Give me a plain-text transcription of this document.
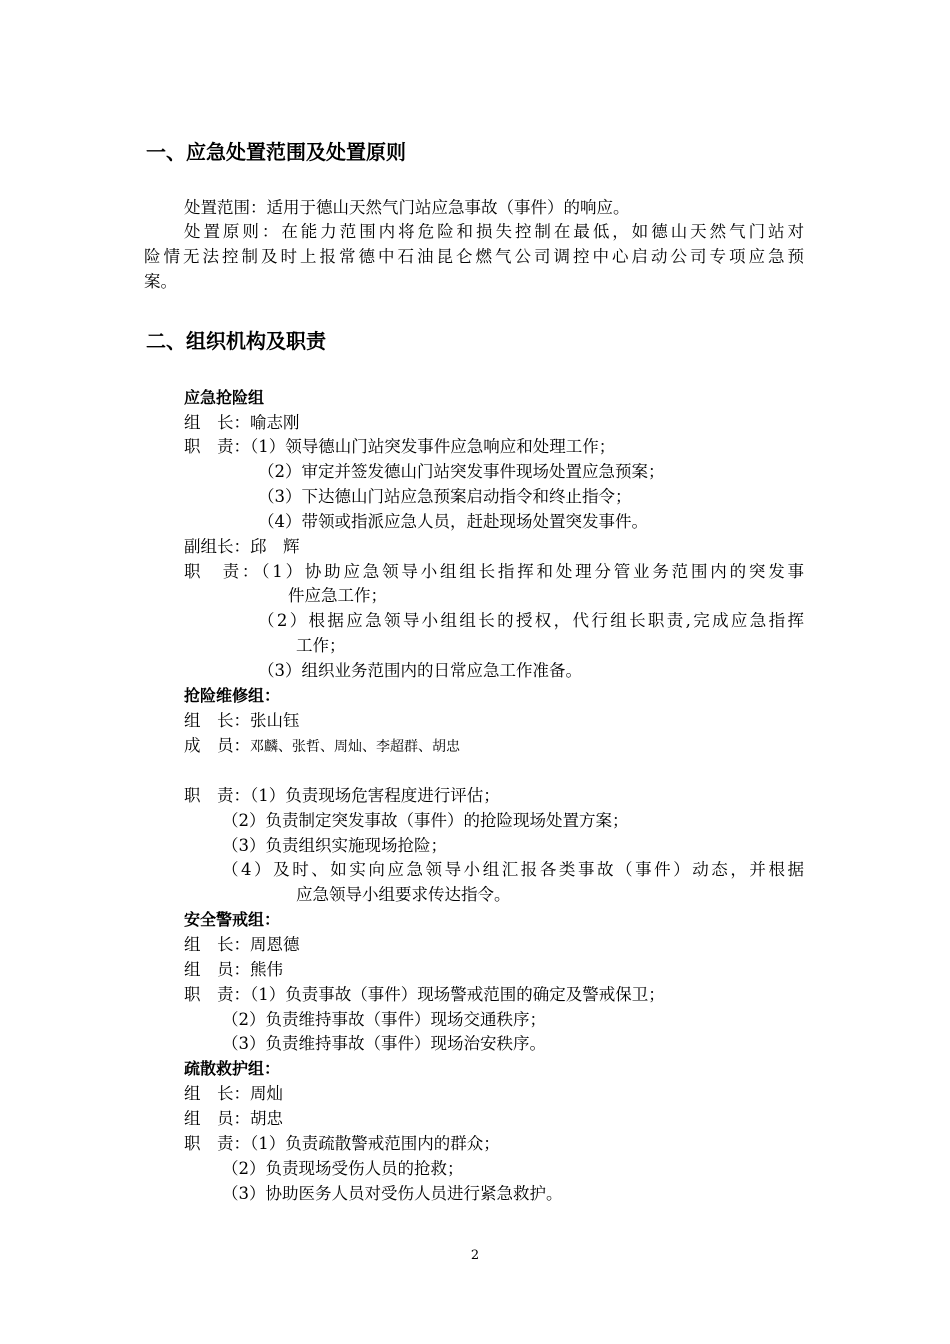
一、应急处置范围及处置原则
处置范围：适用于德山天然气门站应急事故（事件）的响应。
处置原则：在能力范围内将危险和损失控制在最低，如德山天然气门站对
险情无法控制及时上报常德中石油昆仑燃气公司调控中心启动公司专项应急预
案。
二、组织机构及职责
应急抢险组
组　长：喻志刚
职　责：（1）领导德山门站突发事件应急响应和处理工作；
（2）审定并签发德山门站突发事件现场处置应急预案；
（3）下达德山门站应急预案启动指令和终止指令；
（4）带领或指派应急人员，赶赴现场处置突发事件。
副组长：邱　辉
职　责：（1）协助应急领导小组组长指挥和处理分管业务范围内的突发事
件应急工作；
（2）根据应急领导小组组长的授权，代行组长职责,完成应急指挥
工作；
（3）组织业务范围内的日常应急工作准备。
抢险维修组：
组　长：张山钰
成　员：邓麟、张哲、周灿、李超群、胡忠
职　责：（1）负责现场危害程度进行评估；
（2）负责制定突发事故（事件）的抢险现场处置方案；
（3）负责组织实施现场抢险；
（4）及时、如实向应急领导小组汇报各类事故（事件）动态，并根据
应急领导小组要求传达指令。
安全警戒组：
组　长：周恩德
组　员：熊伟
职　责：（1）负责事故（事件）现场警戒范围的确定及警戒保卫；
（2）负责维持事故（事件）现场交通秩序；
（3）负责维持事故（事件）现场治安秩序。
疏散救护组：
组　长：周灿
组　员：胡忠
职　责：（1）负责疏散警戒范围内的群众；
（2）负责现场受伤人员的抢救；
（3）协助医务人员对受伤人员进行紧急救护。
2
